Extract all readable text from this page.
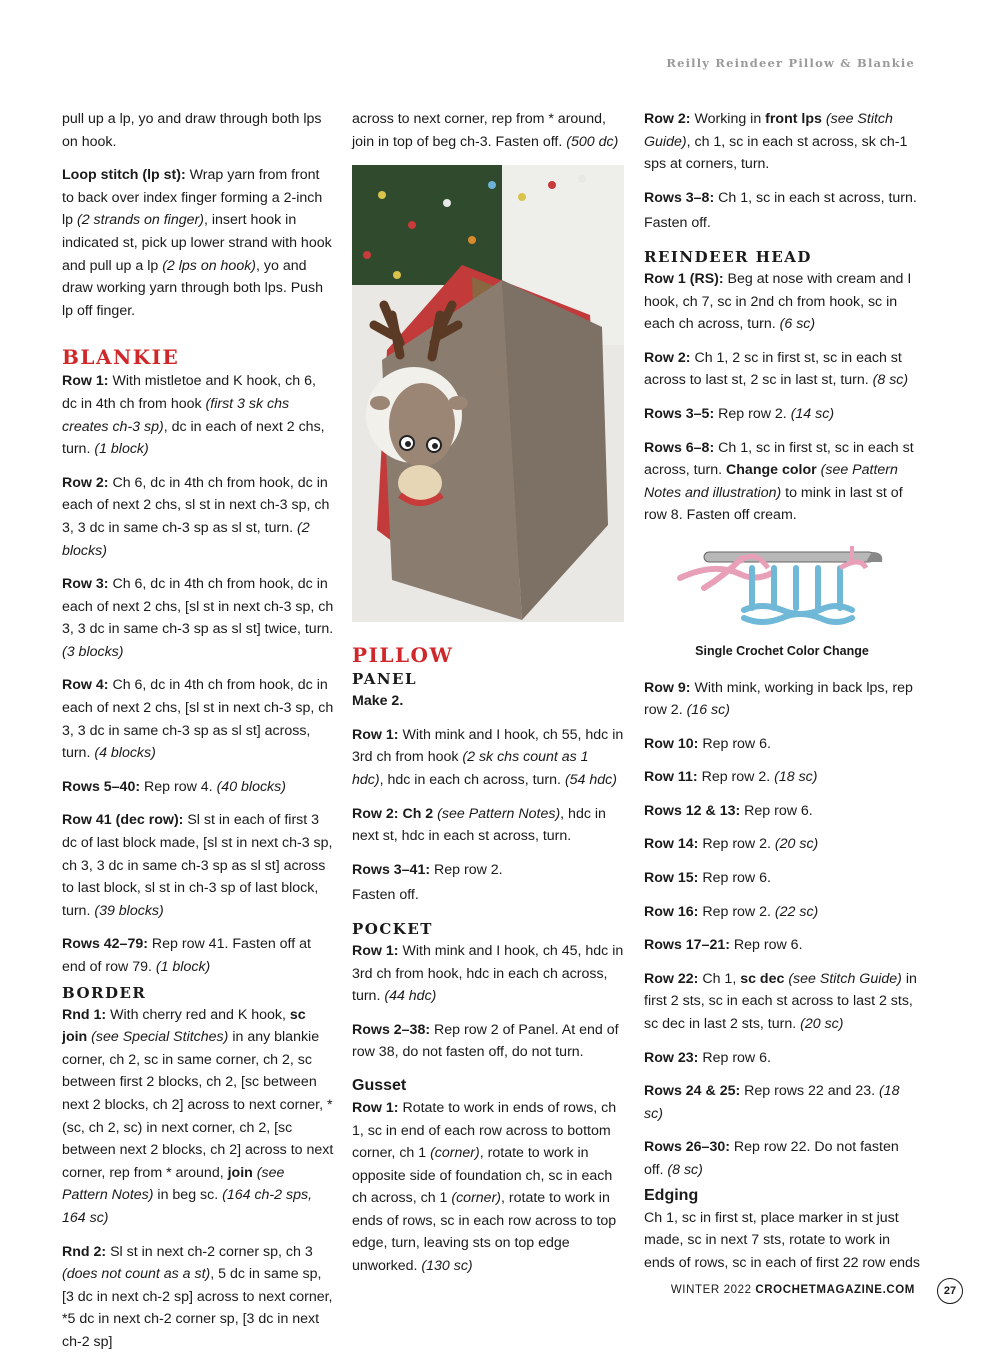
Reilly Reindeer Pillow & Blankie

pull up a lp, yo and draw through both lps on hook.

Loop stitch (lp st): Wrap yarn from front to back over index finger forming a 2-inch lp (2 strands on finger), insert hook in indicated st, pick up lower strand with hook and pull up a lp (2 lps on hook), yo and draw working yarn through both lps. Push lp off finger.

BLANKIE

Row 1: With mistletoe and K hook, ch 6, dc in 4th ch from hook (first 3 sk chs creates ch-3 sp), dc in each of next 2 chs, turn. (1 block)

Row 2: Ch 6, dc in 4th ch from hook, dc in each of next 2 chs, sl st in next ch-3 sp, ch 3, 3 dc in same ch-3 sp as sl st, turn. (2 blocks)

Row 3: Ch 6, dc in 4th ch from hook, dc in each of next 2 chs, [sl st in next ch-3 sp, ch 3, 3 dc in same ch-3 sp as sl st] twice, turn. (3 blocks)

Row 4: Ch 6, dc in 4th ch from hook, dc in each of next 2 chs, [sl st in next ch-3 sp, ch 3, 3 dc in same ch-3 sp as sl st] across, turn. (4 blocks)

Rows 5–40: Rep row 4. (40 blocks)

Row 41 (dec row): Sl st in each of first 3 dc of last block made, [sl st in next ch-3 sp, ch 3, 3 dc in same ch-3 sp as sl st] across to last block, sl st in ch-3 sp of last block, turn. (39 blocks)

Rows 42–79: Rep row 41. Fasten off at end of row 79. (1 block)

BORDER

Rnd 1: With cherry red and K hook, sc join (see Special Stitches) in any blankie corner, ch 2, sc in same corner, ch 2, sc between first 2 blocks, ch 2, [sc between next 2 blocks, ch 2] across to next corner, *(sc, ch 2, sc) in next corner, ch 2, [sc between next 2 blocks, ch 2] across to next corner, rep from * around, join (see Pattern Notes) in beg sc. (164 ch-2 sps, 164 sc)

Rnd 2: Sl st in next ch-2 corner sp, ch 3 (does not count as a st), 5 dc in same sp, [3 dc in next ch-2 sp] across to next corner, *5 dc in next ch-2 corner sp, [3 dc in next ch-2 sp]

across to next corner, rep from * around, join in top of beg ch-3. Fasten off. (500 dc)

PILLOW
PANEL

Make 2.

Row 1: With mink and I hook, ch 55, hdc in 3rd ch from hook (2 sk chs count as 1 hdc), hdc in each ch across, turn. (54 hdc)

Row 2: Ch 2 (see Pattern Notes), hdc in next st, hdc in each st across, turn.

Rows 3–41: Rep row 2.

Fasten off.

POCKET

Row 1: With mink and I hook, ch 45, hdc in 3rd ch from hook, hdc in each ch across, turn. (44 hdc)

Rows 2–38: Rep row 2 of Panel. At end of row 38, do not fasten off, do not turn.

Gusset

Row 1: Rotate to work in ends of rows, ch 1, sc in end of each row across to bottom corner, ch 1 (corner), rotate to work in opposite side of foundation ch, sc in each ch across, ch 1 (corner), rotate to work in ends of rows, sc in each row across to top edge, turn, leaving sts on top edge unworked. (130 sc)

Row 2: Working in front lps (see Stitch Guide), ch 1, sc in each st across, sk ch-1 sps at corners, turn.

Rows 3–8: Ch 1, sc in each st across, turn.

Fasten off.

REINDEER HEAD

Row 1 (RS): Beg at nose with cream and I hook, ch 7, sc in 2nd ch from hook, sc in each ch across, turn. (6 sc)

Row 2: Ch 1, 2 sc in first st, sc in each st across to last st, 2 sc in last st, turn. (8 sc)

Rows 3–5: Rep row 2. (14 sc)

Rows 6–8: Ch 1, sc in first st, sc in each st across, turn. Change color (see Pattern Notes and illustration) to mink in last st of row 8. Fasten off cream.

Single Crochet Color Change

Row 9: With mink, working in back lps, rep row 2. (16 sc)

Row 10: Rep row 6.

Row 11: Rep row 2. (18 sc)

Rows 12 & 13: Rep row 6.

Row 14: Rep row 2. (20 sc)

Row 15: Rep row 6.

Row 16: Rep row 2. (22 sc)

Rows 17–21: Rep row 6.

Row 22: Ch 1, sc dec (see Stitch Guide) in first 2 sts, sc in each st across to last 2 sts, sc dec in last 2 sts, turn. (20 sc)

Row 23: Rep row 6.

Rows 24 & 25: Rep rows 22 and 23. (18 sc)

Rows 26–30: Rep row 22. Do not fasten off. (8 sc)

Edging

Ch 1, sc in first st, place marker in st just made, sc in next 7 sts, rotate to work in ends of rows, sc in each of first 22 row ends

WINTER 2022 CROCHETMAGAZINE.COM	27
